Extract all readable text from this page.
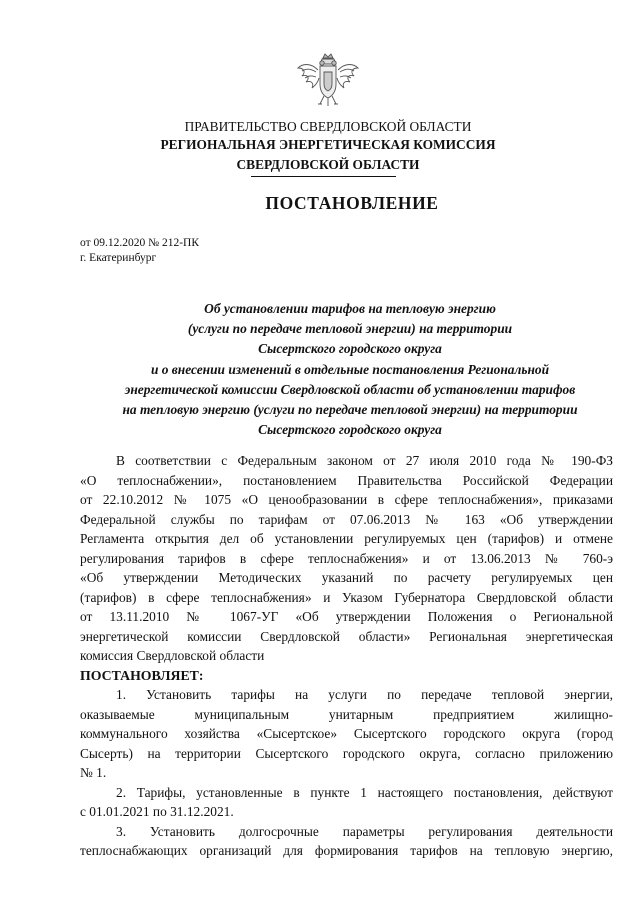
ПРАВИТЕЛЬСТВО СВЕРДЛОВСКОЙ ОБЛАСТИ
РЕГИОНАЛЬНАЯ ЭНЕРГЕТИЧЕСКАЯ КОМИССИЯ
СВЕРДЛОВСКОЙ ОБЛАСТИ
ПОСТАНОВЛЕНИЕ
от 09.12.2020 № 212-ПК
г. Екатеринбург
Об установлении тарифов на тепловую энергию
(услуги по передаче тепловой энергии) на территории
Сысертского городского округа
и о внесении изменений в отдельные постановления Региональной
энергетической комиссии Свердловской области об установлении тарифов
на тепловую энергию (услуги по передаче тепловой энергии) на территории
Сысертского городского округа
В соответствии с Федеральным законом от 27 июля 2010 года № 190-ФЗ
«О теплоснабжении», постановлением Правительства Российской Федерации
от 22.10.2012 № 1075 «О ценообразовании в сфере теплоснабжения», приказами
Федеральной службы по тарифам от 07.06.2013 № 163 «Об утверждении
Регламента открытия дел об установлении регулируемых цен (тарифов) и отмене
регулирования тарифов в сфере теплоснабжения» и от 13.06.2013 № 760-э
«Об утверждении Методических указаний по расчету регулируемых цен
(тарифов) в сфере теплоснабжения» и Указом Губернатора Свердловской области
от 13.11.2010 № 1067-УГ «Об утверждении Положения о Региональной
энергетической комиссии Свердловской области» Региональная энергетическая
комиссия Свердловской области
ПОСТАНОВЛЯЕТ:
1. Установить тарифы на услуги по передаче тепловой энергии,
оказываемые муниципальным унитарным предприятием жилищно-
коммунального хозяйства «Сысертское» Сысертского городского округа (город
Сысерть) на территории Сысертского городского округа, согласно приложению
№ 1.
2. Тарифы, установленные в пункте 1 настоящего постановления, действуют
с 01.01.2021 по 31.12.2021.
3. Установить долгосрочные параметры регулирования деятельности
теплоснабжающих организаций для формирования тарифов на тепловую энергию,
